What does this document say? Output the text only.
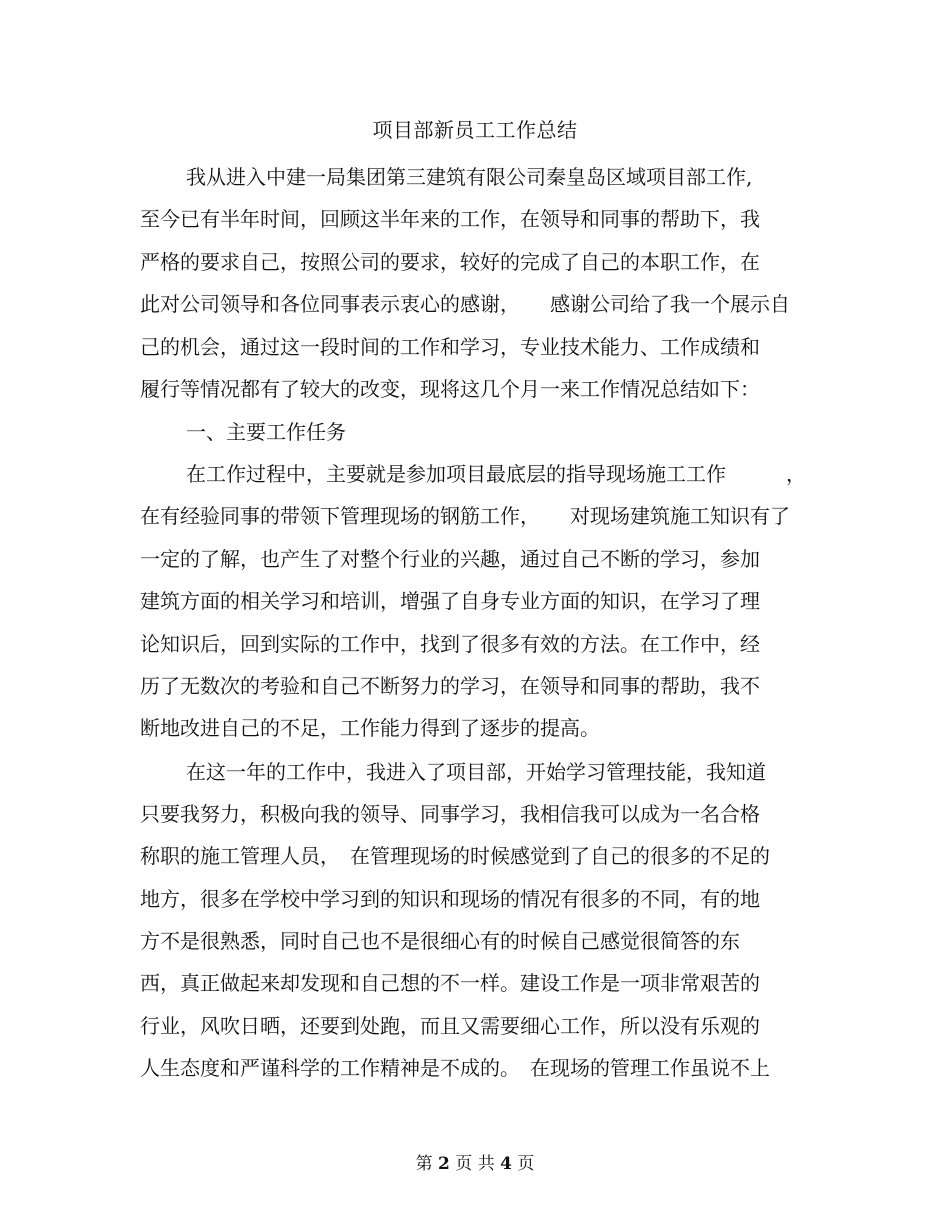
项目部新员工工作总结
我从进入中建一局集团第三建筑有限公司秦皇岛区域项目部工作,
至今已有半年时间，回顾这半年来的工作，在领导和同事的帮助下，我
严格的要求自己，按照公司的要求，较好的完成了自己的本职工作，在
此对公司领导和各位同事表示衷心的感谢，　　感谢公司给了我一个展示自
己的机会，通过这一段时间的工作和学习，专业技术能力、工作成绩和
履行等情况都有了较大的改变，现将这几个月一来工作情况总结如下：
一、主要工作任务
在工作过程中，主要就是参加项目最底层的指导现场施工工作　　　，
在有经验同事的带领下管理现场的钢筋工作，　　对现场建筑施工知识有了
一定的了解，也产生了对整个行业的兴趣，通过自己不断的学习，参加
建筑方面的相关学习和培训，增强了自身专业方面的知识，在学习了理
论知识后，回到实际的工作中，找到了很多有效的方法。在工作中，经
历了无数次的考验和自己不断努力的学习，在领导和同事的帮助，我不
断地改进自己的不足，工作能力得到了逐步的提高。
在这一年的工作中，我进入了项目部，开始学习管理技能，我知道
只要我努力，积极向我的领导、同事学习，我相信我可以成为一名合格
称职的施工管理人员，　在管理现场的时候感觉到了自己的很多的不足的
地方，很多在学校中学习到的知识和现场的情况有很多的不同，有的地
方不是很熟悉，同时自己也不是很细心有的时候自己感觉很简答的东
西，真正做起来却发现和自己想的不一样。建设工作是一项非常艰苦的
行业，风吹日晒，还要到处跑，而且又需要细心工作，所以没有乐观的
人生态度和严谨科学的工作精神是不成的。　在现场的管理工作虽说不上
第 2 页 共 4 页
